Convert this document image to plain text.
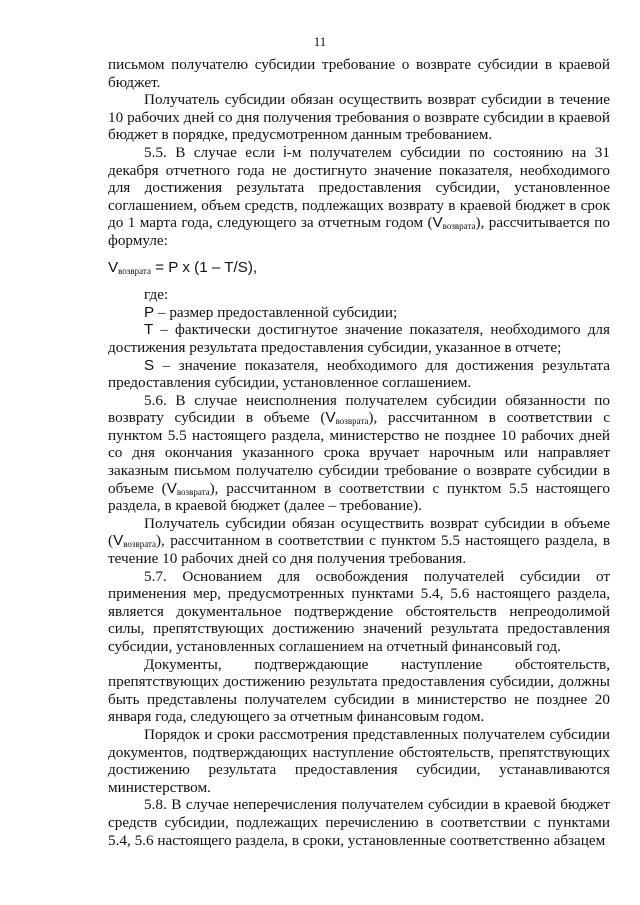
11

письмом получателю субсидии требование о возврате субсидии в краевой бюджет.

Получатель субсидии обязан осуществить возврат субсидии в течение 10 рабочих дней со дня получения требования о возврате субсидии в краевой бюджет в порядке, предусмотренном данным требованием.

5.5. В случае если i-м получателем субсидии по состоянию на 31 декабря отчетного года не достигнуто значение показателя, необходимого для достижения результата предоставления субсидии, установленное соглашением, объем средств, подлежащих возврату в краевой бюджет в срок до 1 марта года, следующего за отчетным годом $(V_{возврата})$, рассчитывается по формуле:

$V_{возврата} = P$ x (1 – T/S),

где:

P – размер предоставленной субсидии;

T – фактически достигнутое значение показателя, необходимого для достижения результата предоставления субсидии, указанное в отчете;

S – значение показателя, необходимого для достижения результата предоставления субсидии, установленное соглашением.

5.6. В случае неисполнения получателем субсидии обязанности по возврату субсидии в объеме $(V_{возврата})$, рассчитанном в соответствии с пунктом 5.5 настоящего раздела, министерство не позднее 10 рабочих дней со дня окончания указанного срока вручает нарочным или направляет заказным письмом получателю субсидии требование о возврате субсидии в объеме $(V_{возврата})$, рассчитанном в соответствии с пунктом 5.5 настоящего раздела, в краевой бюджет (далее – требование).

Получатель субсидии обязан осуществить возврат субсидии в объеме $(V_{возврата})$, рассчитанном в соответствии с пунктом 5.5 настоящего раздела, в течение 10 рабочих дней со дня получения требования.

5.7. Основанием для освобождения получателей субсидии от применения мер, предусмотренных пунктами 5.4, 5.6 настоящего раздела, является документальное подтверждение обстоятельств непреодолимой силы, препятствующих достижению значений результата предоставления субсидии, установленных соглашением на отчетный финансовый год.

Документы, подтверждающие наступление обстоятельств, препятствующих достижению результата предоставления субсидии, должны быть представлены получателем субсидии в министерство не позднее 20 января года, следующего за отчетным финансовым годом.

Порядок и сроки рассмотрения представленных получателем субсидии документов, подтверждающих наступление обстоятельств, препятствующих достижению результата предоставления субсидии, устанавливаются министерством.

5.8. В случае неперечисления получателем субсидии в краевой бюджет средств субсидии, подлежащих перечислению в соответствии с пунктами 5.4, 5.6 настоящего раздела, в сроки, установленные соответственно абзацем
